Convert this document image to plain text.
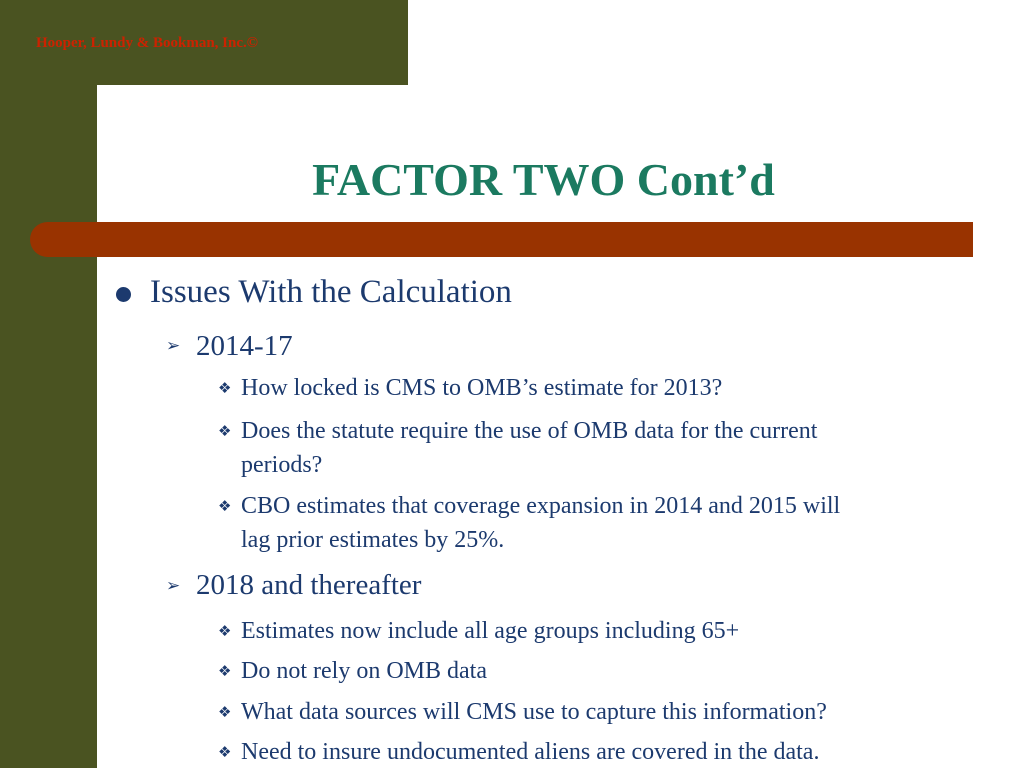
Hooper, Lundy & Bookman, Inc.©
FACTOR TWO Cont’d
Issues With the Calculation
➢ 2014-17
❖ How locked is CMS to OMB’s estimate for 2013?
❖ Does the statute require the use of OMB data for the current
periods?
❖ CBO estimates that coverage expansion in 2014 and 2015 will
lag prior estimates by 25%.
➢ 2018 and thereafter
❖ Estimates now include all age groups including 65+
❖ Do not rely on OMB data
❖ What data sources will CMS use to capture this information?
❖ Need to insure undocumented aliens are covered in the data.
